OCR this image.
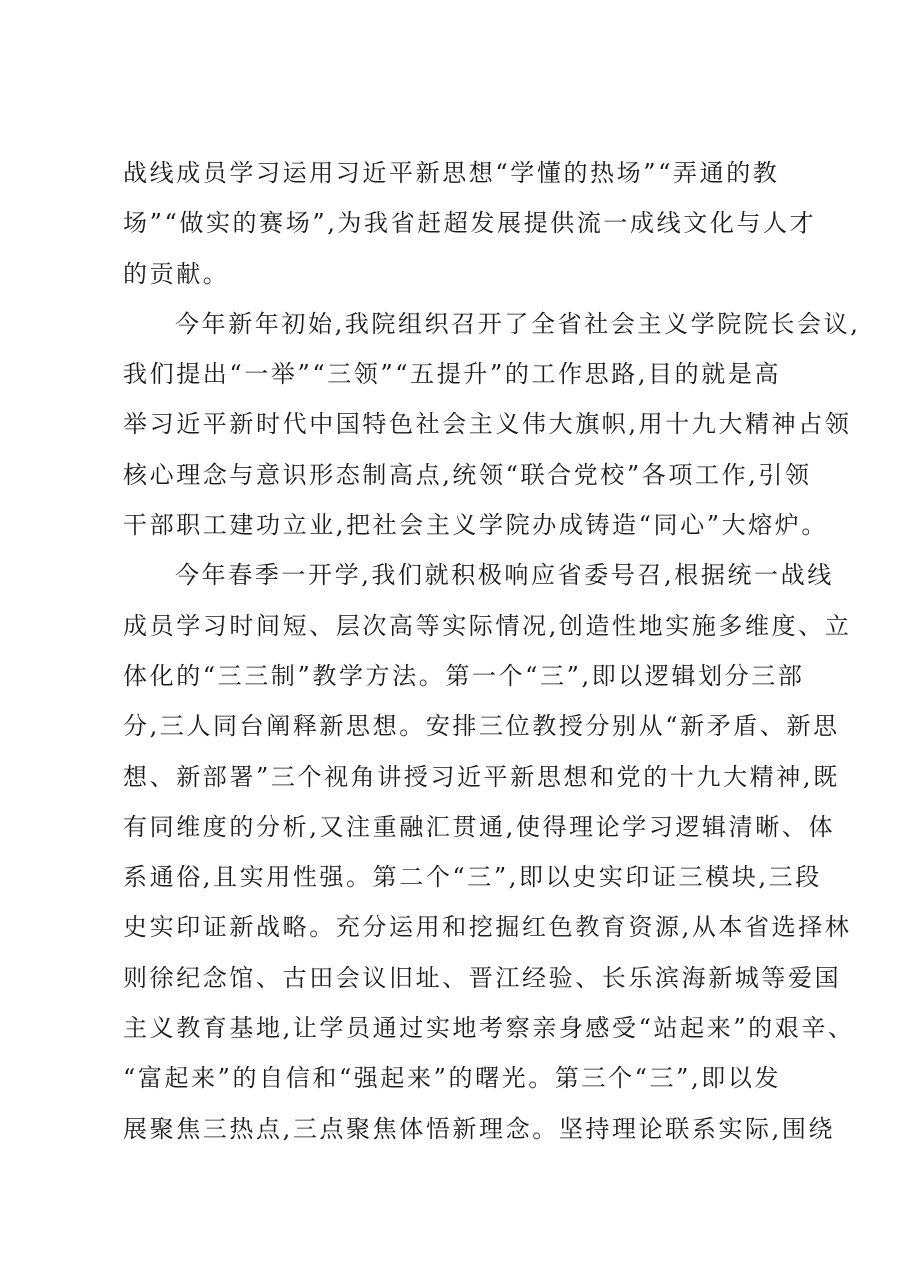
战线成员学习运用习近平新思想“学懂的热场”“弄通的教
场”“做实的赛场”,为我省赶超发展提供流一成线文化与人才
的贡献。
今年新年初始,我院组织召开了全省社会主义学院院长会议,
我们提出“一举”“三领”“五提升”的工作思路,目的就是高
举习近平新时代中国特色社会主义伟大旗帜,用十九大精神占领
核心理念与意识形态制高点,统领“联合党校”各项工作,引领
干部职工建功立业,把社会主义学院办成铸造“同心”大熔炉。
今年春季一开学,我们就积极响应省委号召,根据统一战线
成员学习时间短、层次高等实际情况,创造性地实施多维度、立
体化的“三三制”教学方法。第一个“三”,即以逻辑划分三部
分,三人同台阐释新思想。安排三位教授分别从“新矛盾、新思
想、新部署”三个视角讲授习近平新思想和党的十九大精神,既
有同维度的分析,又注重融汇贯通,使得理论学习逻辑清晰、体
系通俗,且实用性强。第二个“三”,即以史实印证三模块,三段
史实印证新战略。充分运用和挖掘红色教育资源,从本省选择林
则徐纪念馆、古田会议旧址、晋江经验、长乐滨海新城等爱国
主义教育基地,让学员通过实地考察亲身感受“站起来”的艰辛、
“富起来”的自信和“强起来”的曙光。第三个“三”,即以发
展聚焦三热点,三点聚焦体悟新理念。坚持理论联系实际,围绕
